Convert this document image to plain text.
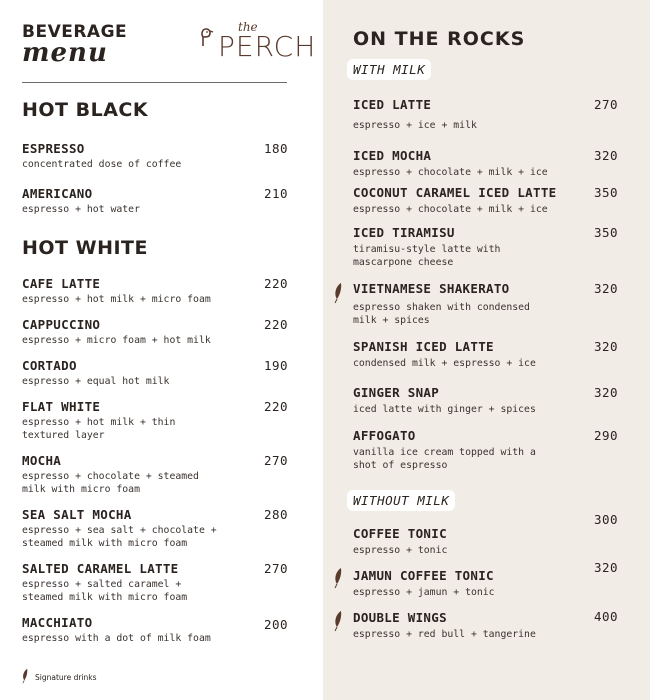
BEVERAGE
menu
the
PERCH
HOT BLACK
ESPRESSO
concentrated dose of coffee
180
AMERICANO
espresso + hot water
210
HOT WHITE
CAFE LATTE
espresso + hot milk + micro foam
220
CAPPUCCINO
espresso + micro foam + hot milk
220
CORTADO
espresso + equal hot milk
190
FLAT WHITE
espresso + hot milk + thin textured layer
220
MOCHA
espresso + chocolate + steamed milk with micro foam
270
SEA SALT MOCHA
espresso + sea salt + chocolate + steamed milk with micro foam
280
SALTED CARAMEL LATTE
espresso + salted caramel + steamed milk with micro foam
270
MACCHIATO
espresso with a dot of milk foam
200
Signature drinks
ON THE ROCKS
WITH MILK
ICED LATTE
espresso + ice + milk
270
ICED MOCHA
espresso + chocolate + milk + ice
320
COCONUT CARAMEL ICED LATTE
espresso + chocolate + milk + ice
350
ICED TIRAMISU
tiramisu-style latte with mascarpone cheese
350
VIETNAMESE SHAKERATO
espresso shaken with condensed milk + spices
320
SPANISH ICED LATTE
condensed milk + espresso + ice
320
GINGER SNAP
iced latte with ginger + spices
320
AFFOGATO
vanilla ice cream topped with a shot of espresso
290
WITHOUT MILK
COFFEE TONIC
espresso + tonic
300
JAMUN COFFEE TONIC
espresso + jamun + tonic
320
DOUBLE WINGS
espresso + red bull + tangerine
400
